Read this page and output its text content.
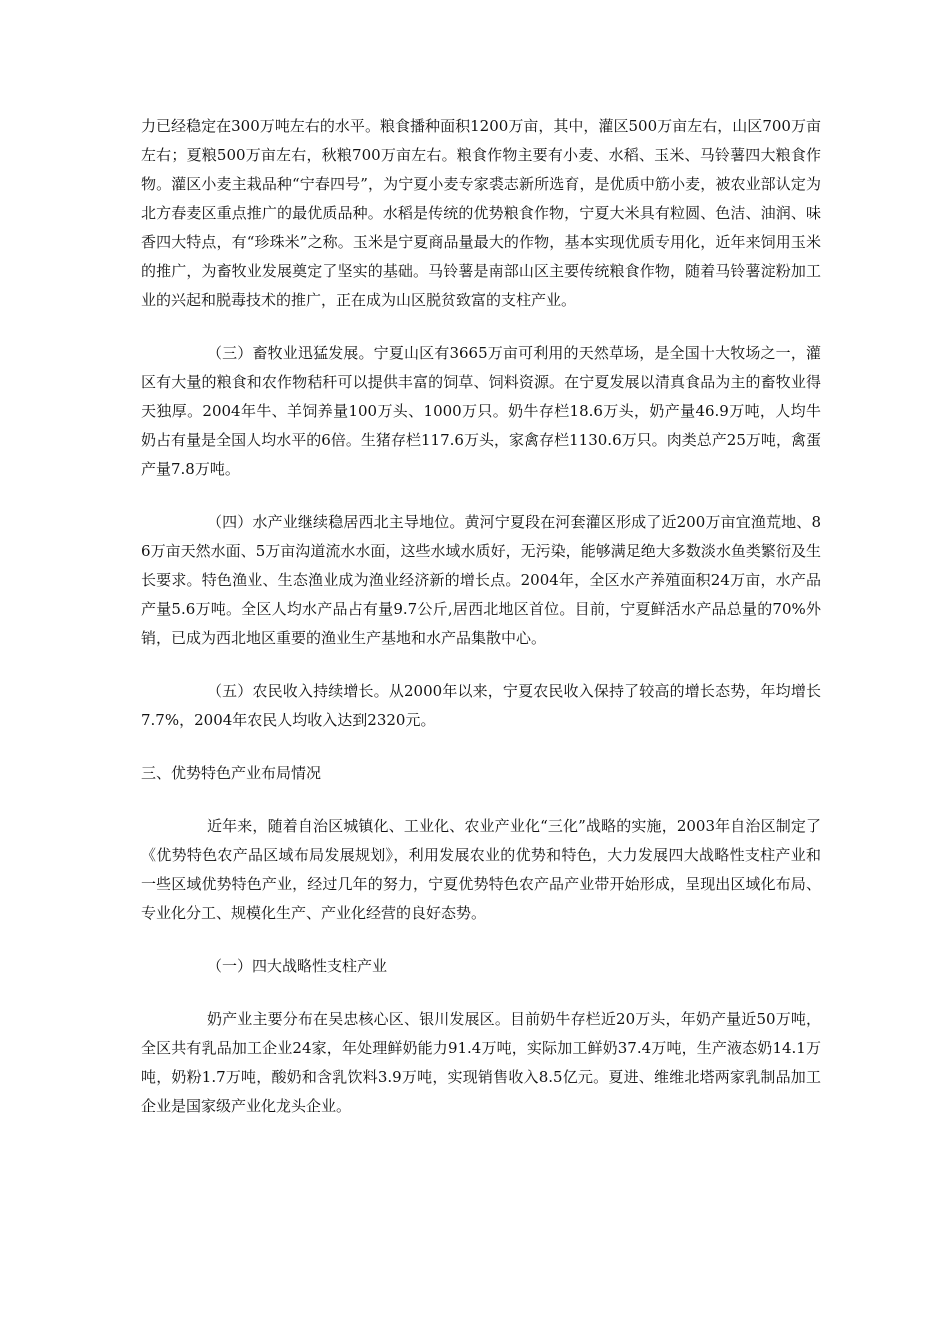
力已经稳定在300万吨左右的水平。粮食播种面积1200万亩，其中，灌区500万亩左右，山区700万亩左右；夏粮500万亩左右，秋粮700万亩左右。粮食作物主要有小麦、水稻、玉米、马铃薯四大粮食作物。灌区小麦主栽品种“宁春四号”，为宁夏小麦专家裘志新所选育，是优质中筋小麦，被农业部认定为北方春麦区重点推广的最优质品种。水稻是传统的优势粮食作物，宁夏大米具有粒圆、色洁、油润、味香四大特点，有“珍珠米”之称。玉米是宁夏商品量最大的作物，基本实现优质专用化，近年来饲用玉米的推广，为畜牧业发展奠定了坚实的基础。马铃薯是南部山区主要传统粮食作物，随着马铃薯淀粉加工业的兴起和脱毒技术的推广，正在成为山区脱贫致富的支柱产业。

（三）畜牧业迅猛发展。宁夏山区有3665万亩可利用的天然草场，是全国十大牧场之一，灌区有大量的粮食和农作物秸秆可以提供丰富的饲草、饲料资源。在宁夏发展以清真食品为主的畜牧业得天独厚。2004年牛、羊饲养量100万头、1000万只。奶牛存栏18.6万头，奶产量46.9万吨，人均牛奶占有量是全国人均水平的6倍。生猪存栏117.6万头，家禽存栏1130.6万只。肉类总产25万吨，禽蛋产量7.8万吨。

（四）水产业继续稳居西北主导地位。黄河宁夏段在河套灌区形成了近200万亩宜渔荒地、86万亩天然水面、5万亩沟道流水水面，这些水域水质好，无污染，能够满足绝大多数淡水鱼类繁衍及生长要求。特色渔业、生态渔业成为渔业经济新的增长点。2004年，全区水产养殖面积24万亩，水产品产量5.6万吨。全区人均水产品占有量9.7公斤,居西北地区首位。目前，宁夏鲜活水产品总量的70%外销，已成为西北地区重要的渔业生产基地和水产品集散中心。

（五）农民收入持续增长。从2000年以来，宁夏农民收入保持了较高的增长态势，年均增长7.7%，2004年农民人均收入达到2320元。

三、优势特色产业布局情况

近年来，随着自治区城镇化、工业化、农业产业化“三化”战略的实施，2003年自治区制定了《优势特色农产品区域布局发展规划》，利用发展农业的优势和特色，大力发展四大战略性支柱产业和一些区域优势特色产业，经过几年的努力，宁夏优势特色农产品产业带开始形成，呈现出区域化布局、专业化分工、规模化生产、产业化经营的良好态势。

（一）四大战略性支柱产业

奶产业主要分布在吴忠核心区、银川发展区。目前奶牛存栏近20万头，年奶产量近50万吨，全区共有乳品加工企业24家，年处理鲜奶能力91.4万吨，实际加工鲜奶37.4万吨，生产液态奶14.1万吨，奶粉1.7万吨，酸奶和含乳饮料3.9万吨，实现销售收入8.5亿元。夏进、维维北塔两家乳制品加工企业是国家级产业化龙头企业。
